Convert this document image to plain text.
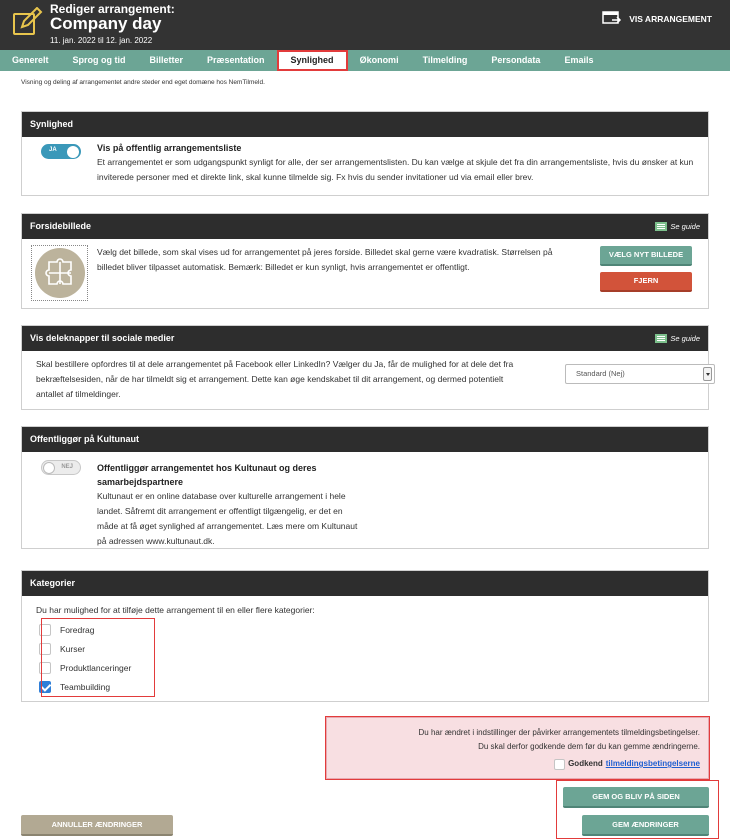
Rediger arrangement:
Company day
11. jan. 2022 til 12. jan. 2022
VIS ARRANGEMENT
Generelt	Sprog og tid	Billetter	Præsentation	Synlighed	Økonomi	Tilmelding	Persondata	Emails
Visning og deling af arrangementet andre steder end eget domæne hos NemTilmeld.
Synlighed
JA	Vis på offentlig arrangementsliste
Et arrangementet er som udgangspunkt synligt for alle, der ser arrangementslisten. Du kan vælge at skjule det fra din arrangementsliste, hvis du ønsker at kun inviterede personer med et direkte link, skal kunne tilmelde sig. Fx hvis du sender invitationer ud via email eller brev.
Forsidebillede	Se guide
Vælg det billede, som skal vises ud for arrangementet på jeres forside. Billedet skal gerne være kvadratisk. Størrelsen på billedet bliver tilpasset automatisk. Bemærk: Billedet er kun synligt, hvis arrangementet er offentligt.
VÆLG NYT BILLEDE
FJERN
Vis deleknapper til sociale medier	Se guide
Skal bestillere opfordres til at dele arrangementet på Facebook eller LinkedIn? Vælger du Ja, får de mulighed for at dele det fra bekræftelsesiden, når de har tilmeldt sig et arrangement. Dette kan øge kendskabet til dit arrangement, og dermed potentielt antallet af tilmeldinger.
Standard (Nej)
Offentliggør på Kultunaut
NEJ	Offentliggør arrangementet hos Kultunaut og deres samarbejdspartnere
Kultunaut er en online database over kulturelle arrangement i hele landet. Såfremt dit arrangement er offentligt tilgængelig, er det en måde at få øget synlighed af arrangementet. Læs mere om Kultunaut på adressen www.kultunaut.dk.
Kategorier
Du har mulighed for at tilføje dette arrangement til en eller flere kategorier:
Foredrag
Kurser
Produktlanceringer
Teambuilding
Du har ændret i indstillinger der påvirker arrangementets tilmeldingsbetingelser.
Du skal derfor godkende dem før du kan gemme ændringerne.
Godkend tilmeldingsbetingelserne
GEM OG BLIV PÅ SIDEN
GEM ÆNDRINGER
ANNULLER ÆNDRINGER
